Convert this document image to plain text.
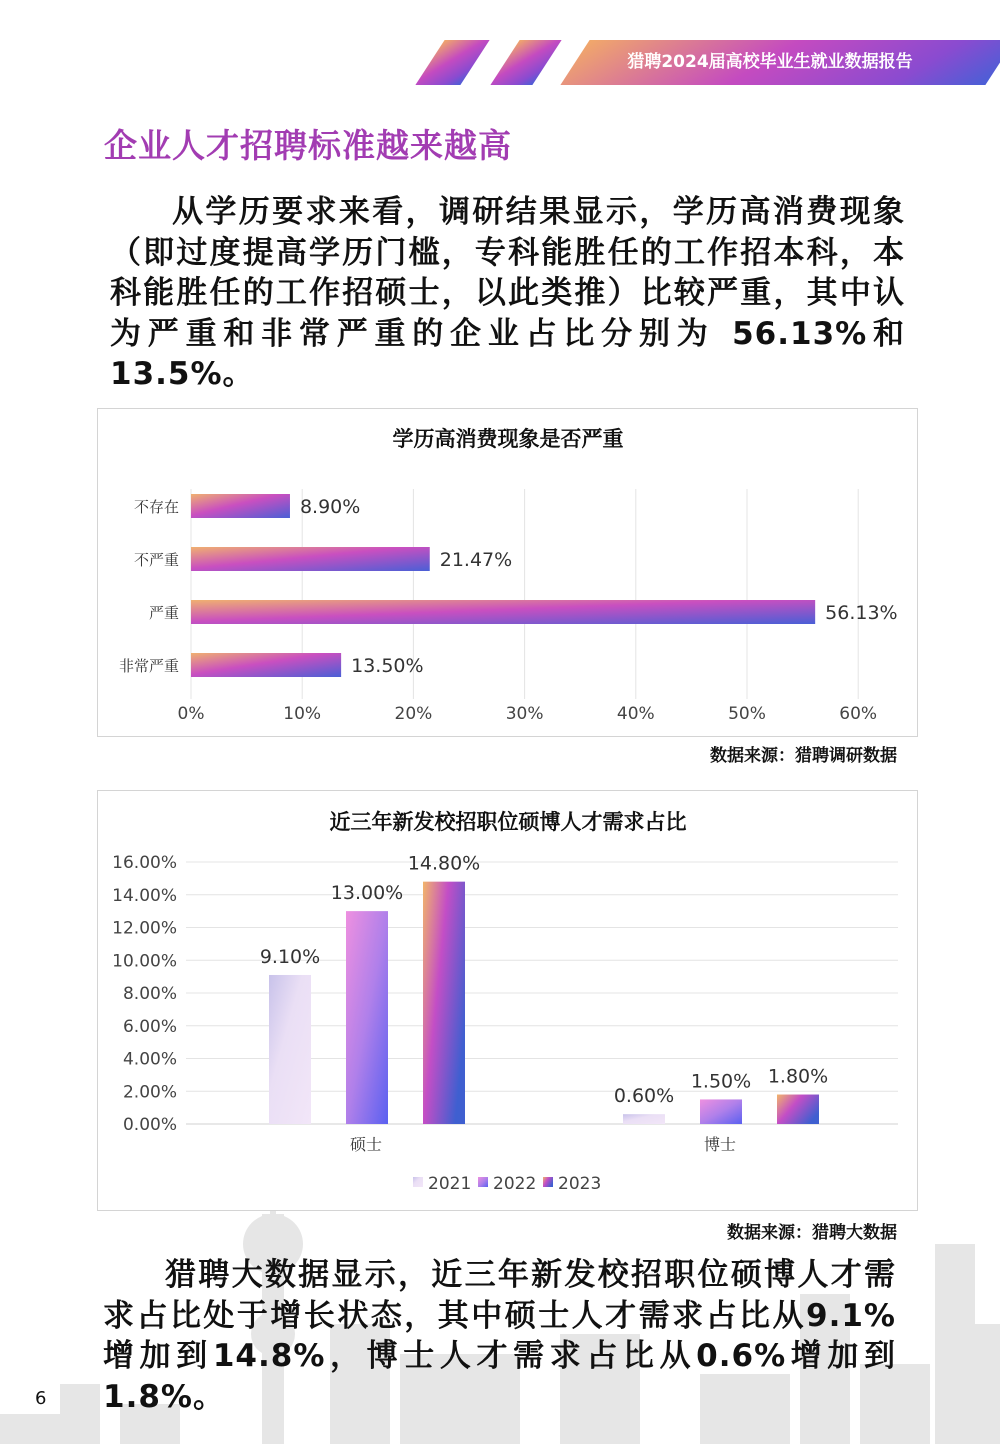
猎聘2024届高校毕业生就业数据报告
企业人才招聘标准越来越高
从学历要求来看，调研结果显示，学历高消费现象（即过度提高学历门槛，专科能胜任的工作招本科，本科能胜任的工作招硕士，以此类推）比较严重，其中认为严重和非常严重的企业占比分别为 56.13%和13.5%。
学历高消费现象是否严重
0%	10%	20%	30%	40%	50%	60%
不存在	8.90%
不严重	21.47%
严重	56.13%
非常严重	13.50%
数据来源：猎聘调研数据
近三年新发校招职位硕博人才需求占比
0.00%
2.00%
4.00%
6.00%
8.00%
10.00%
12.00%
14.00%
16.00%
硕士
9.10%
13.00%
14.80%
博士
0.60%
1.50% 1.80%
2021 2022 2023
数据来源：猎聘大数据
猎聘大数据显示，近三年新发校招职位硕博人才需求占比处于增长状态，其中硕士人才需求占比从9.1%增加到14.8%，博士人才需求占比从0.6%增加到1.8%。
6
